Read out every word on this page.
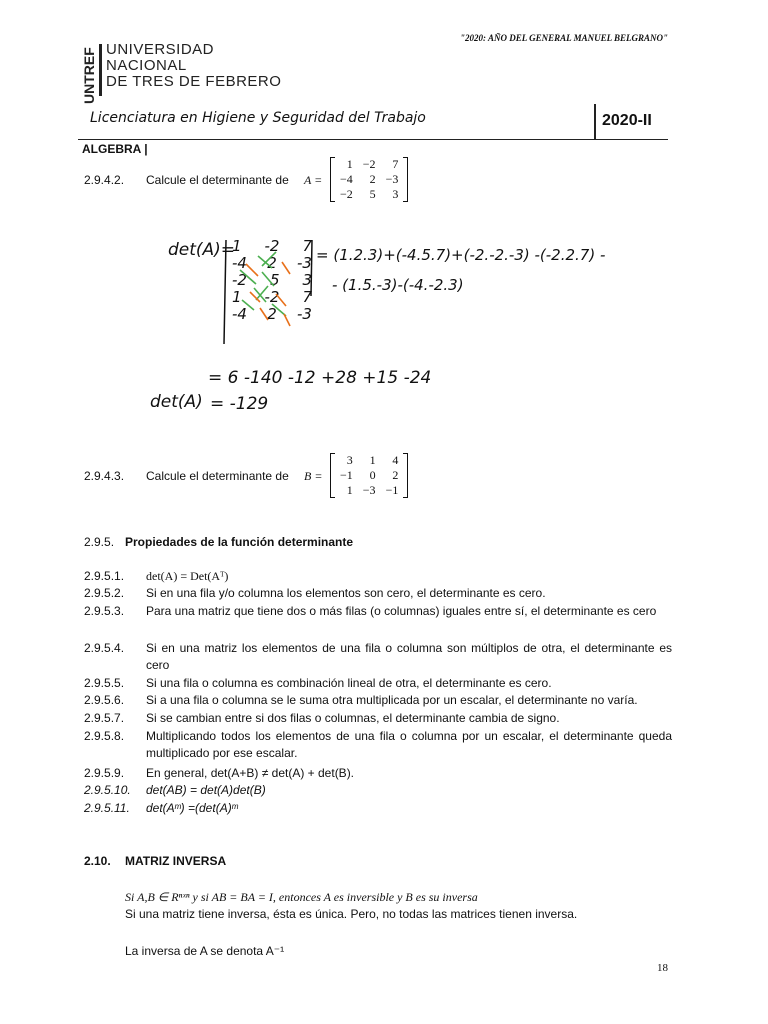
"2020: AÑO DEL GENERAL MANUEL BELGRANO"
UNTREF UNIVERSIDAD
NACIONAL
DE TRES DE FEBRERO
Licenciatura en Higiene y Seguridad del Trabajo	2020-II
ALGEBRA |
2.9.4.2. Calcule el determinante de A =
1	−2	7
−4	2	−3
−2	5	3
det(A)=
1 -2 7
-4 2 -3
-2 5 3
1 -2 7
-4 2 -3
= (1.2.3)+(-4.5.7)+(-2.-2.-3) -(-2.2.7) -
- (1.5.-3)-(-4.-2.3)
= 6 -140 -12 +28 +15 -24
det(A) = -129
2.9.4.3. Calcule el determinante de B =
3	1	4
−1	0	2
1	−3	−1
2.9.5. Propiedades de la función determinante
2.9.5.1.	det(A) = Det(Aᵀ)
2.9.5.2.	Si en una fila y/o columna los elementos son cero, el determinante es cero.
2.9.5.3.	Para una matriz que tiene dos o más filas (o columnas) iguales entre sí, el determinante es cero
2.9.5.4.	Si en una matriz los elementos de una fila o columna son múltiplos de otra, el determinante es cero
2.9.5.5.	Si una fila o columna es combinación lineal de otra, el determinante es cero.
2.9.5.6.	Si a una fila o columna se le suma otra multiplicada por un escalar, el determinante no varía.
2.9.5.7.	Si se cambian entre si dos filas o columnas, el determinante cambia de signo.
2.9.5.8.	Multiplicando todos los elementos de una fila o columna por un escalar, el determinante queda multiplicado por ese escalar.
2.9.5.9.	En general, det(A+B) ≠ det(A) + det(B).
2.9.5.10.	det(AB) = det(A)det(B)
2.9.5.11.	det(Aᵐ) =(det(A)ᵐ
2.10. MATRIZ INVERSA
Si A,B ∈ Rⁿˣⁿ y si AB = BA = I, entonces A es inversible y B es su inversa
Si una matriz tiene inversa, ésta es única. Pero, no todas las matrices tienen inversa.
La inversa de A se denota A⁻¹
18
